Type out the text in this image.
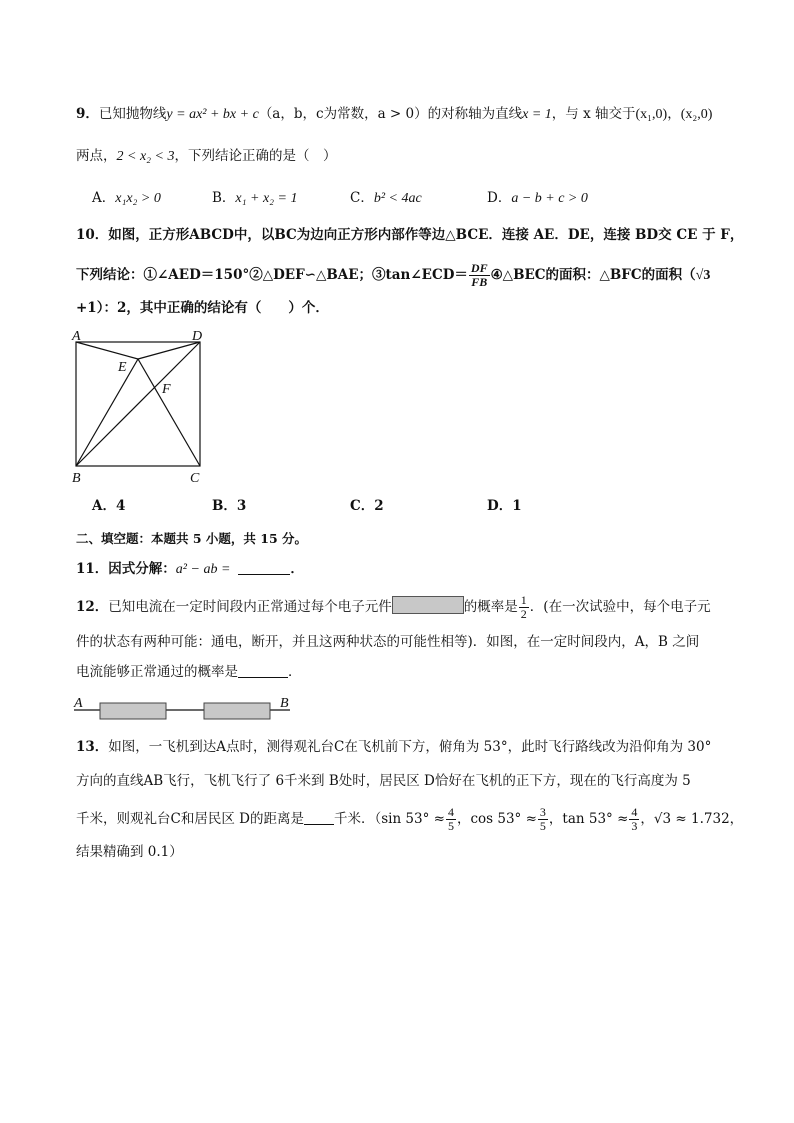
9．已知抛物线y = ax² + bx + c（a，b，c为常数，a > 0）的对称轴为直线x = 1，与 x 轴交于(x₁,0)，(x₂,0)
两点，2 < x₂ < 3，下列结论正确的是（　）
A．x₁x₂ > 0	B．x₁ + x₂ = 1	C．b² < 4ac	D．a − b + c > 0
10．如图，正方形ABCD中，以BC为边向正方形内部作等边△BCE．连接 AE．DE，连接 BD交 CE 于 F，
下列结论：①∠AED＝150°②△DEF∽△BAE；③tan∠ECD＝ $\frac{DF}{FB}$ ④△BEC的面积：△BFC的面积（√3
+1）：2，其中正确的结论有（　　）个．
A	D
E
F
B	C
A．4	B．3	C．2	D．1
二、填空题：本题共 5 小题，共 15 分。
11．因式分解：a² − ab =	．
12．已知电流在一定时间段内正常通过每个电子元件	的概率是 $\frac{1}{2}$ ．(在一次试验中，每个电子元
件的状态有两种可能：通电，断开，并且这两种状态的可能性相等)．如图，在一定时间段内，A，B 之间
电流能够正常通过的概率是	．
A	B
13．如图，一飞机到达A点时，测得观礼台C在飞机前下方，俯角为 53°，此时飞行路线改为沿仰角为 30°
方向的直线AB飞行，飞机飞行了 6千米到 B处时，居民区 D恰好在飞机的正下方，现在的飞行高度为 5
千米，则观礼台C和居民区 D的距离是 千米．（sin $53^\circ \approx \frac{4}{5}$ ，$\cos 53^\circ \approx \frac{3}{5}$ ，$\tan 53^\circ \approx \frac{4}{3}$ ，√3 ≈ 1.732，
结果精确到 0.1）
